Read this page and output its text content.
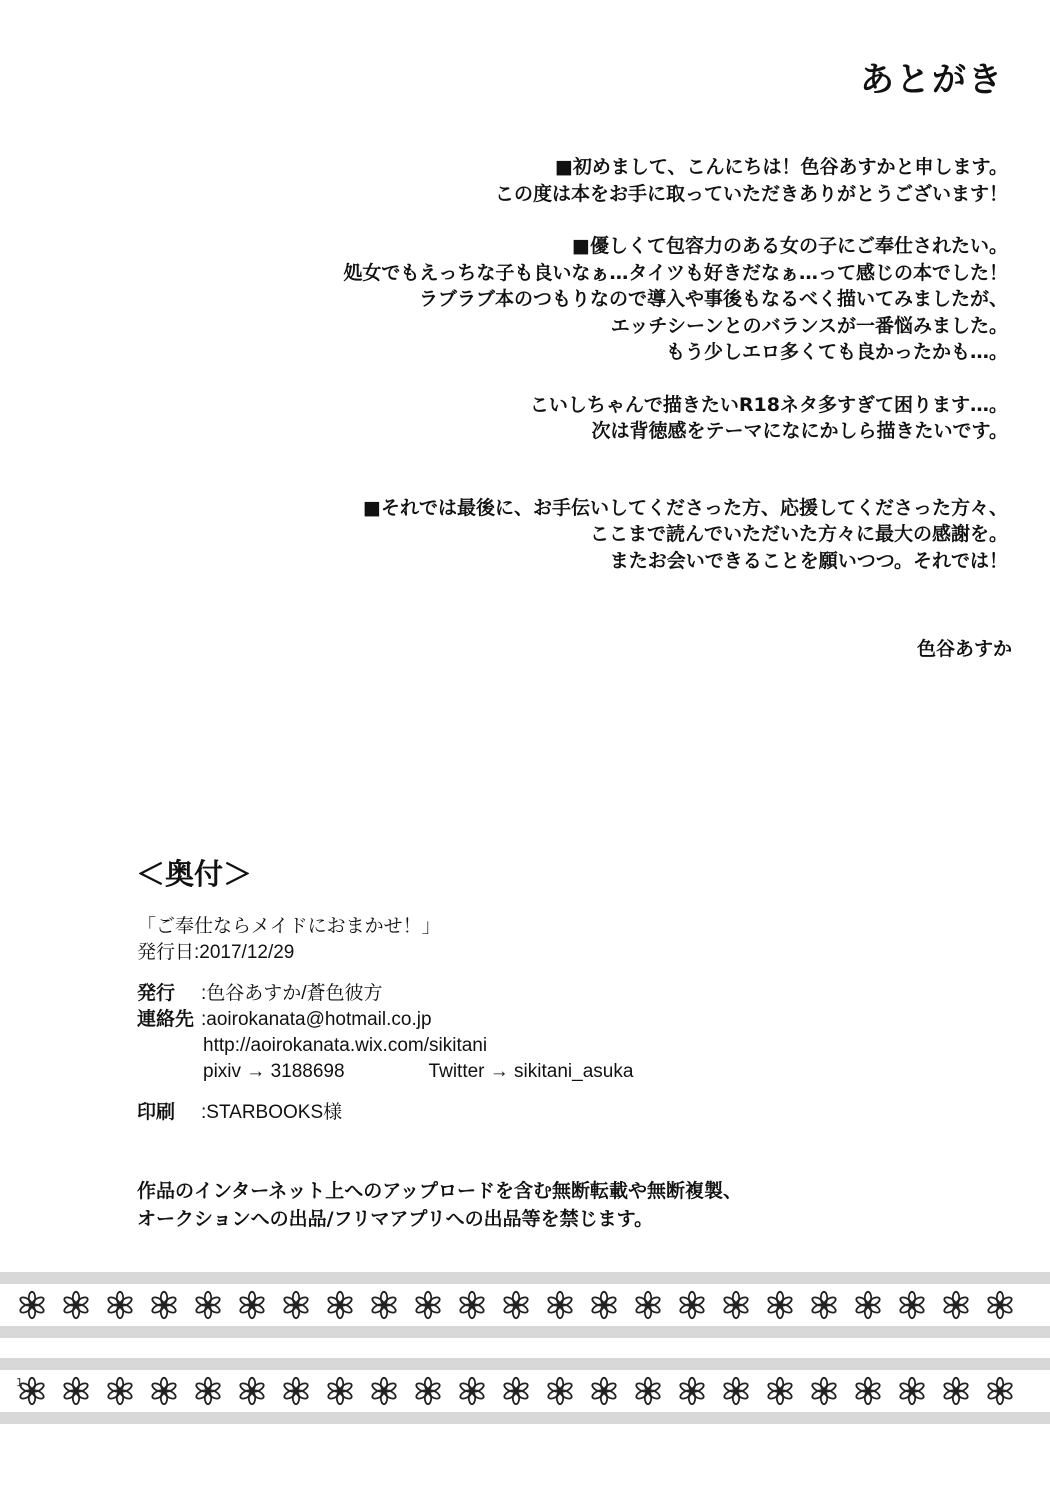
あとがき
■初めまして、こんにちは！色谷あすかと申します。
この度は本をお手に取っていただきありがとうございます！
■優しくて包容力のある女の子にご奉仕されたい。
処女でもえっちな子も良いなぁ…タイツも好きだなぁ…って感じの本でした！
ラブラブ本のつもりなので導入や事後もなるべく描いてみましたが、
エッチシーンとのバランスが一番悩みました。
もう少しエロ多くても良かったかも…。
こいしちゃんで描きたいR18ネタ多すぎて困ります…。
次は背徳感をテーマになにかしら描きたいです。
■それでは最後に、お手伝いしてくださった方、応援してくださった方々、
ここまで読んでいただいた方々に最大の感謝を。
またお会いできることを願いつつ。それでは！
色谷あすか
＜奥付＞
「ご奉仕ならメイドにおまかせ！」
発行日:2017/12/29
発行	:色谷あすか/蒼色彼方
連絡先 :aoirokanata@hotmail.co.jp
http://aoirokanata.wix.com/sikitani
pixiv → 3188698	Twitter → sikitani_asuka
印刷	:STARBOOKS様
作品のインターネット上へのアップロードを含む無断転載や無断複製、
オークションへの出品/フリマアプリへの出品等を禁じます。
1
